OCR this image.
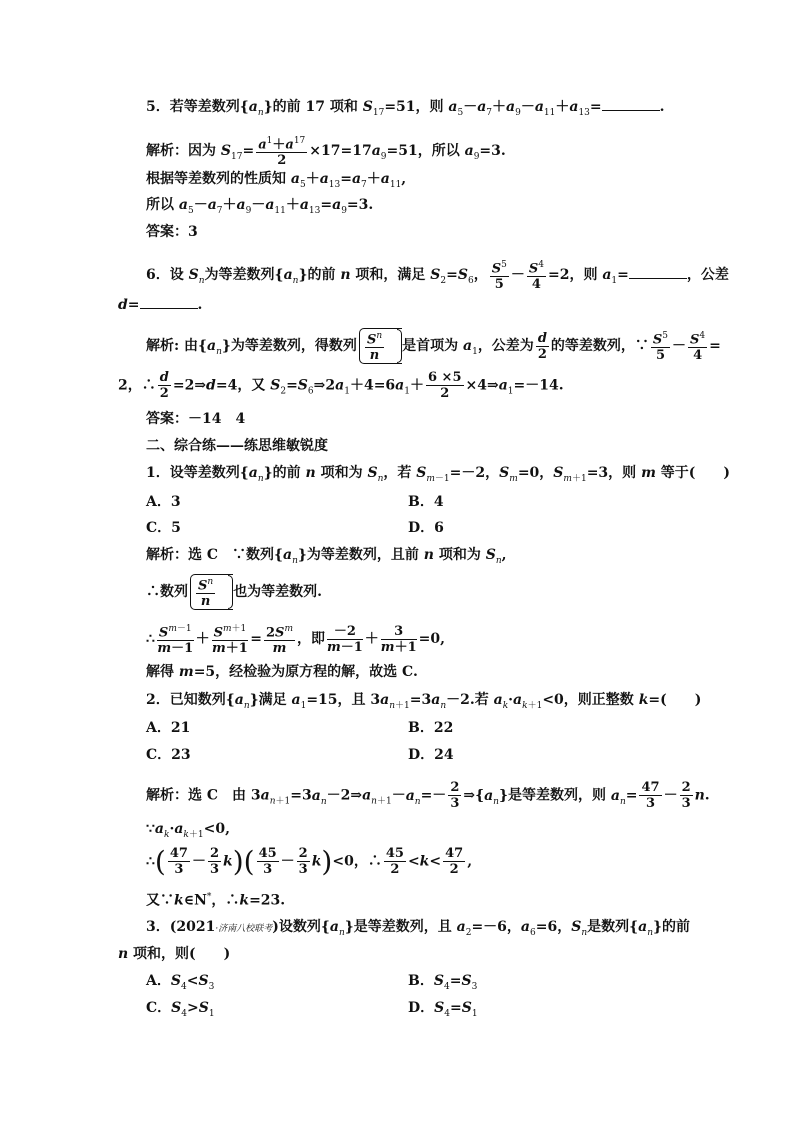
5．若等差数列$\{a_n\}$的前 17 项和 $S_{17}=51$，则 $a_5-a_7+a_9-a_{11}+a_{13}=$	.
解析：因为 $S_{17}= \frac{a^1+a^{17}}{2} \times 17=17a_9=51$，所以 $a_9=3$.
根据等差数列的性质知 $a_5+a_{13}=a_7+a_{11}$,
所以 $a_5-a_7+a_9-a_{11}+a_{13}=a_9=3$.
答案：3
6．设 $S_n$为等差数列$\{a_n\}$的前 n 项和，满足 $S_2=S_6$， $\frac{S^5}{5} - \frac{S^4}{4} =2$，则 $a_1=$	，公差
d=	.
解析: 由$\{a_n\}$为等差数列，得数列 $\frac{S^n}{n}$ 是首项为 $a_1$，公差为 $\frac{d}{2}$ 的等差数列，∵ $\frac{S^5}{5} - \frac{S^4}{4}$ =
2，∴ $\frac{d}{2}$ =2⇒d=4，又 $S_2=S_6\Rightarrow 2a_1+4=6a_1+ \frac{6 \times 5}{2}$ $\times 4\Rightarrow a_1=-14$.
答案：－14　4
二、综合练——练思维敏锐度
1．设等差数列$\{a_n\}$的前 n 项和为 $S_n$，若 $S_{m-1}=-2$，$S_m=0$，$S_{m+1}=3$，则 m 等于(　　)
A．3	B．4
C．5	D．6
解析：选 C　∵数列$\{a_n\}$为等差数列，且前 n 项和为 $S_n$,
∴数列 $\frac{S^n}{n}$ 也为等差数列.
∴ $\frac{S^{m-1}}{m-1} + \frac{S^{m+1}}{m+1} = \frac{2S^m}{m}$ ，即 $\frac{-2}{m-1} + \frac{3}{m+1} =0$,
解得 m=5，经检验为原方程的解，故选 C.
2．已知数列$\{a_n\}$满足 $a_1=15$，且 $3a_{n+1}=3a_n-2$.若 $a_k\cdot a_{k+1}<0$，则正整数 k=(　　)
A．21	B．22
C．23	D．24
解析：选 C　由 $3a_{n+1}=3a_n-2\Rightarrow a_{n+1}-a_n=- \frac{2}{3}$ $\Rightarrow\{a_n\}$是等差数列，则 $a_n= \frac{47}{3} - \frac{2}{3} n$.
$\because a_k\cdot a_{k+1}<0$,
∴( $\frac{47}{3} - \frac{2}{3} k)( \frac{45}{3} - \frac{2}{3} k)<0$，∴ $\frac{45}{2} <k< \frac{47}{2}$ ,
又∵k∈N*，∴k=23.
3．(2021·济南八校联考)设数列$\{a_n\}$是等差数列，且 $a_2=-6$，$a_6=6$，$S_n$是数列$\{a_n\}$的前
n 项和，则(　　)
A．$S_4<S_3$	B．$S_4=S_3$
C．$S_4>S_1$	D．$S_4=S_1$
